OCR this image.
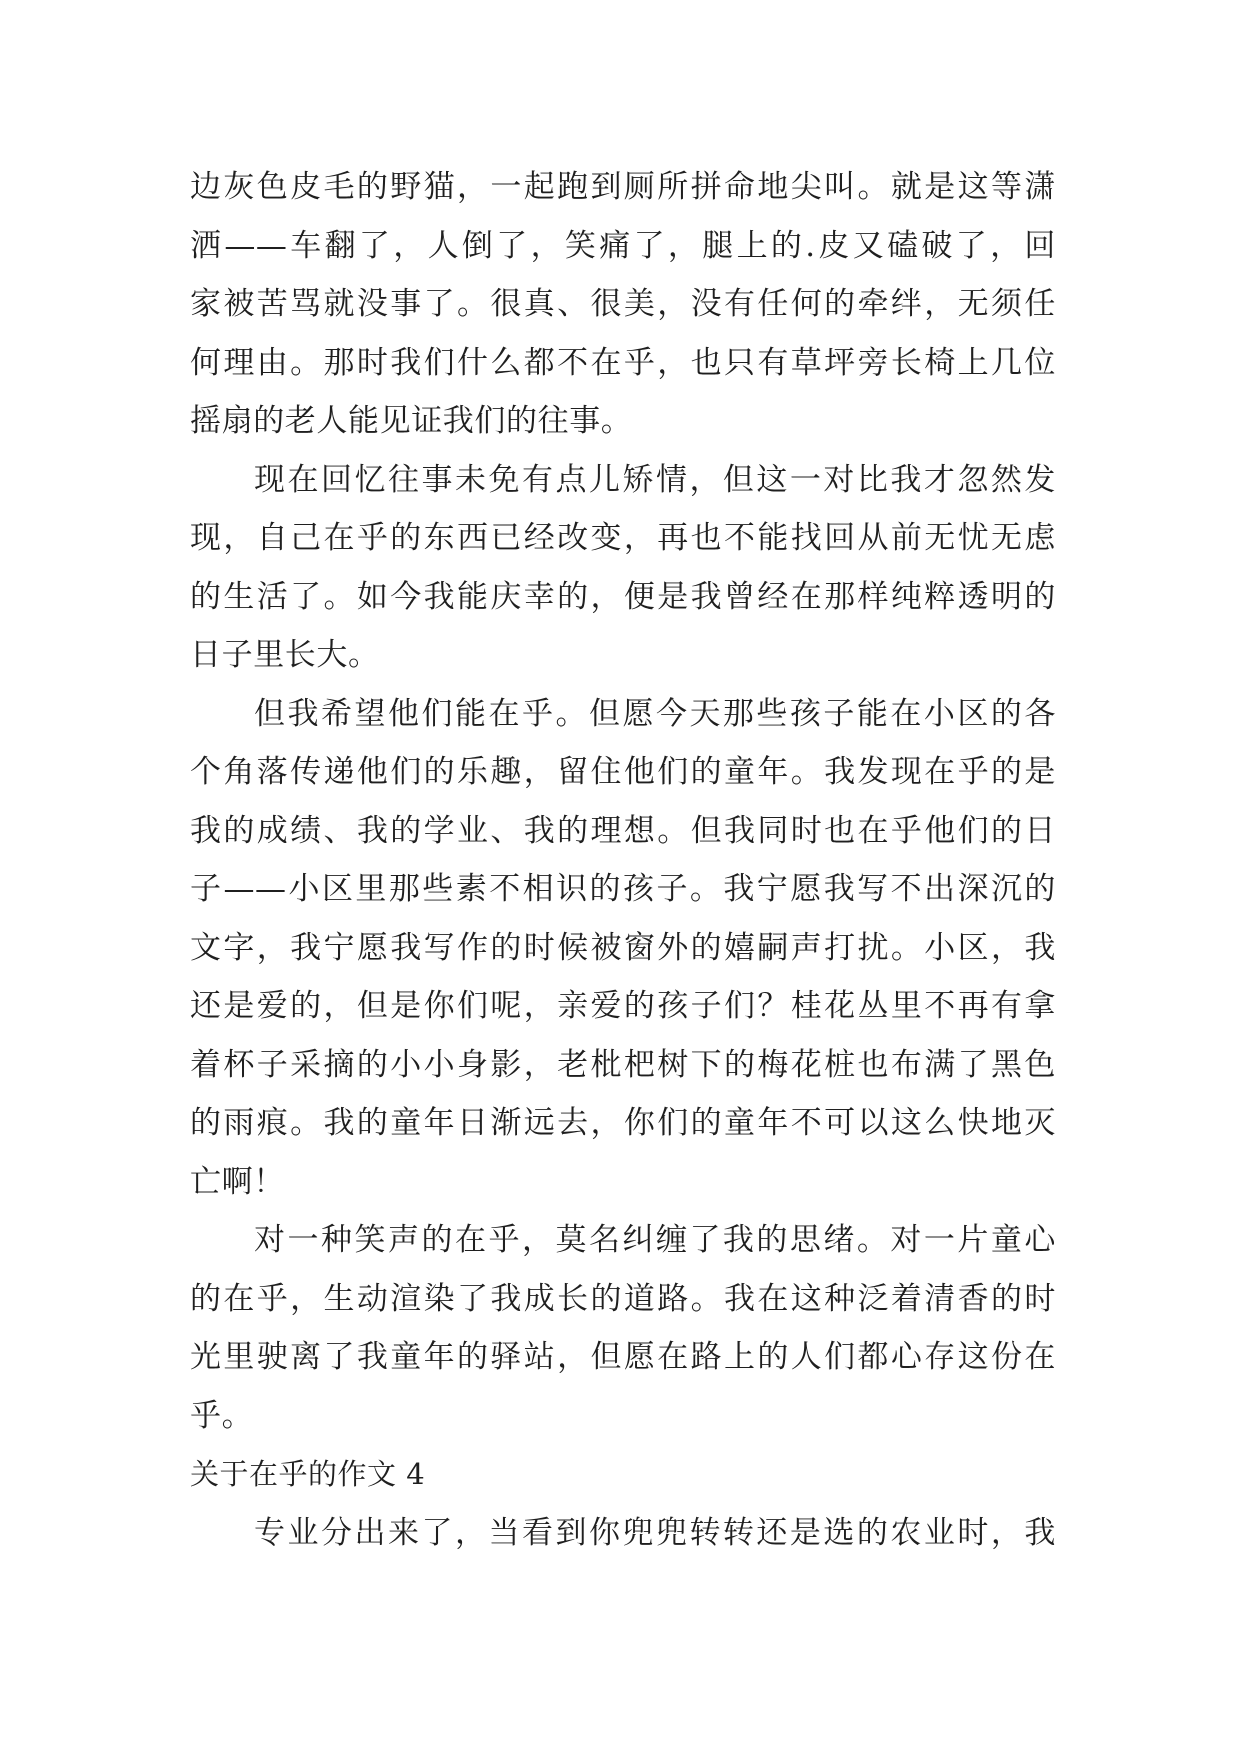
边灰色皮毛的野猫，一起跑到厕所拼命地尖叫。就是这等潇
洒——车翻了，人倒了，笑痛了，腿上的.皮又磕破了，回
家被苦骂就没事了。很真、很美，没有任何的牵绊，无须任
何理由。那时我们什么都不在乎，也只有草坪旁长椅上几位
摇扇的老人能见证我们的往事。
现在回忆往事未免有点儿矫情，但这一对比我才忽然发
现，自己在乎的东西已经改变，再也不能找回从前无忧无虑
的生活了。如今我能庆幸的，便是我曾经在那样纯粹透明的
日子里长大。
但我希望他们能在乎。但愿今天那些孩子能在小区的各
个角落传递他们的乐趣，留住他们的童年。我发现在乎的是
我的成绩、我的学业、我的理想。但我同时也在乎他们的日
子——小区里那些素不相识的孩子。我宁愿我写不出深沉的
文字，我宁愿我写作的时候被窗外的嬉嗣声打扰。小区，我
还是爱的，但是你们呢，亲爱的孩子们？桂花丛里不再有拿
着杯子采摘的小小身影，老枇杷树下的梅花桩也布满了黑色
的雨痕。我的童年日渐远去，你们的童年不可以这么快地灭
亡啊！
对一种笑声的在乎，莫名纠缠了我的思绪。对一片童心
的在乎，生动渲染了我成长的道路。我在这种泛着清香的时
光里驶离了我童年的驿站，但愿在路上的人们都心存这份在
乎。
关于在乎的作文 4
专业分出来了，当看到你兜兜转转还是选的农业时，我
